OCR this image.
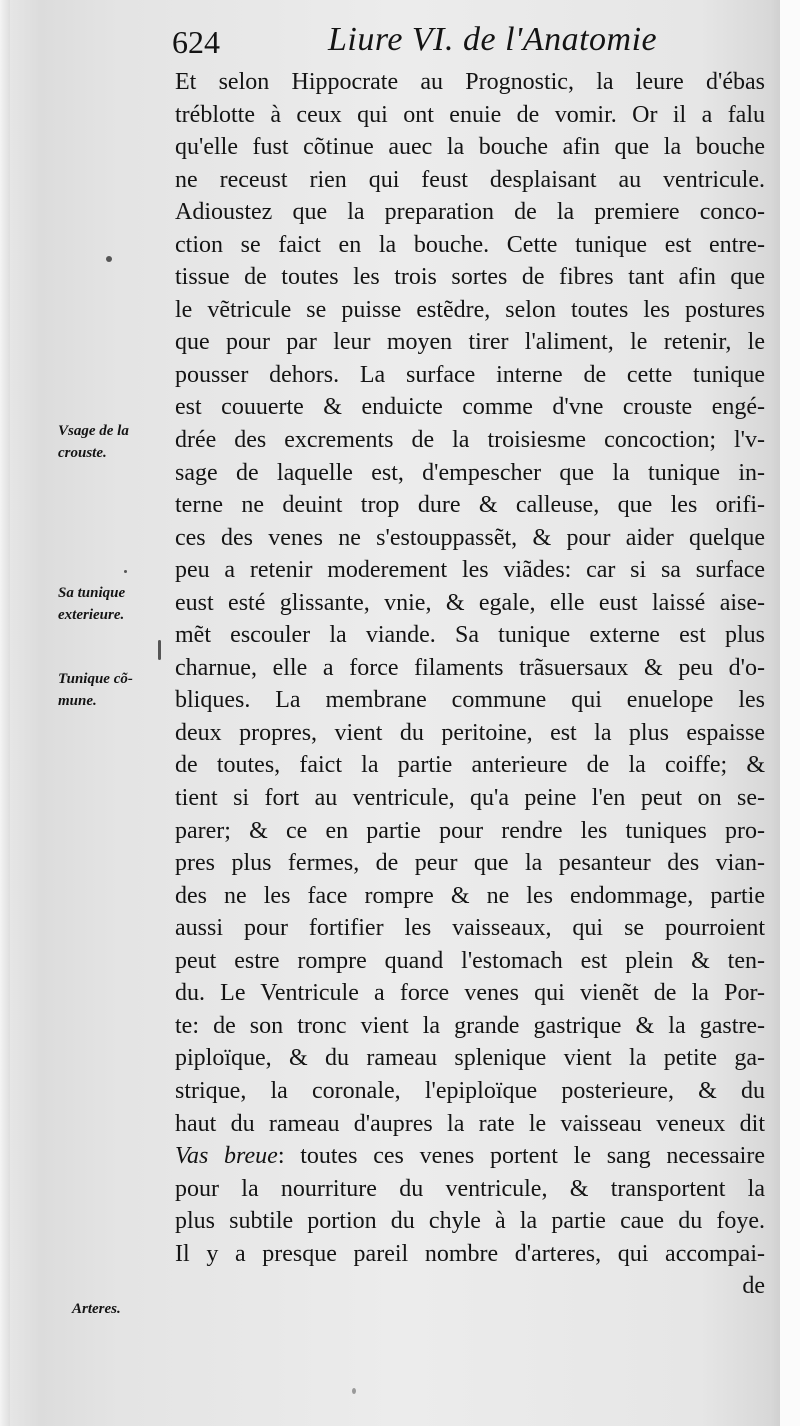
624	Liure VI. de l'Anatomie
Et selon Hippocrate au Prognostic, la leure d'ébas
tréblotte à ceux qui ont enuie de vomir. Or il a falu
qu'elle fust cõtinue auec la bouche afin que la bouche
ne receust rien qui feust desplaisant au ventricule.
Adioustez que la preparation de la premiere conco-
ction se faict en la bouche. Cette tunique est entre-
tissue de toutes les trois sortes de fibres tant afin que
le vẽtricule se puisse estẽdre, selon toutes les postures
que pour par leur moyen tirer l'aliment, le retenir, le
pousser dehors. La surface interne de cette tunique
est couuerte & enduicte comme d'vne crouste engé-
drée des excrements de la troisiesme concoction; l'v-
sage de laquelle est, d'empescher que la tunique in-
terne ne deuint trop dure & calleuse, que les orifi-
ces des venes ne s'estouppassẽt, & pour aider quelque
peu a retenir moderement les viãdes: car si sa surface
eust esté glissante, vnie, & egale, elle eust laissé aise-
mẽt escouler la viande. Sa tunique externe est plus
charnue, elle a force filaments trãsuersaux & peu d'o-
bliques. La membrane commune qui enuelope les
deux propres, vient du peritoine, est la plus espaisse
de toutes, faict la partie anterieure de la coiffe; &
tient si fort au ventricule, qu'a peine l'en peut on se-
parer; & ce en partie pour rendre les tuniques pro-
pres plus fermes, de peur que la pesanteur des vian-
des ne les face rompre & ne les endommage, partie
aussi pour fortifier les vaisseaux, qui se pourroient
peut estre rompre quand l'estomach est plein & ten-
du. Le Ventricule a force venes qui vienẽt de la Por-
te: de son tronc vient la grande gastrique & la gastre-
piploïque, & du rameau splenique vient la petite ga-
strique, la coronale, l'epiploïque posterieure, & du
haut du rameau d'aupres la rate le vaisseau veneux dit
Vas breue: toutes ces venes portent le sang necessaire
pour la nourriture du ventricule, & transportent la
plus subtile portion du chyle à la partie caue du foye.
Il y a presque pareil nombre d'arteres, qui accompai-
de
Vsage de la
crouste.
Sa tunique
exterieure.
Tunique cõ-
mune.
Arteres.
